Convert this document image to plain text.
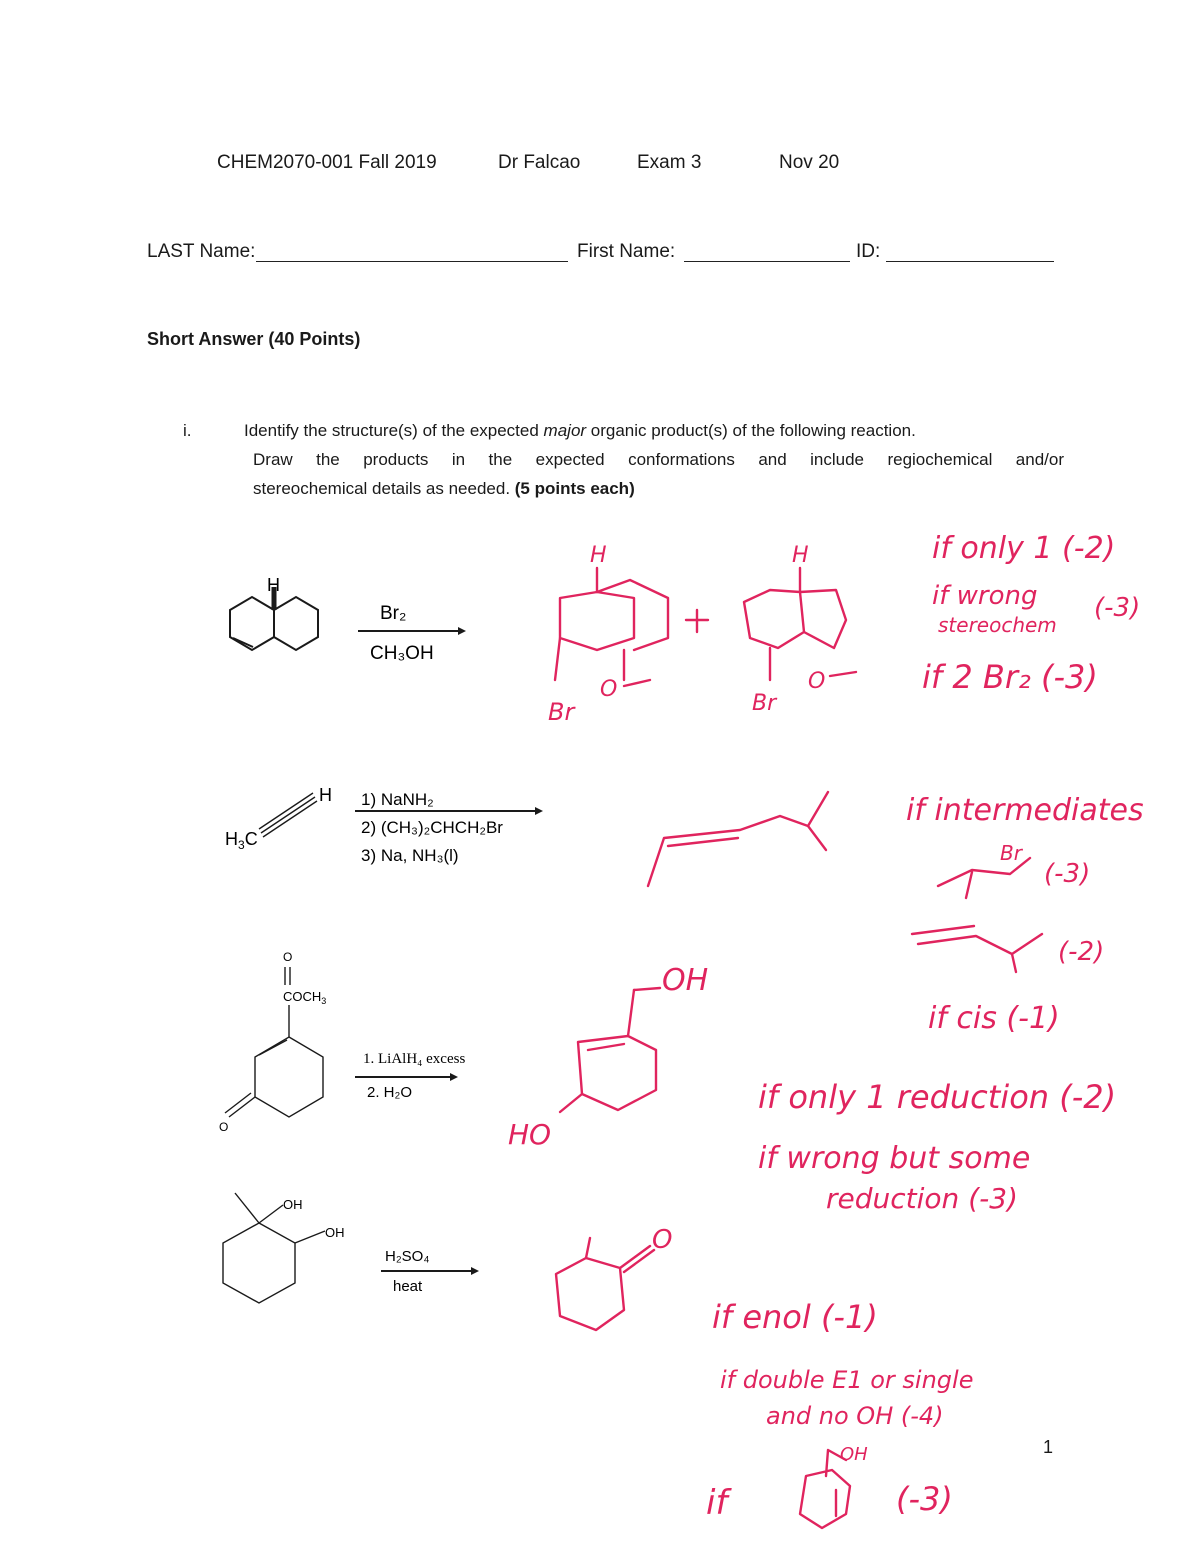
CHEM2070-001 Fall 2019	Dr Falcao	Exam 3	Nov 20
LAST Name:	First Name:	ID:
Short Answer (40 Points)
i.	Identify the structure(s) of the expected major organic product(s) of the following reaction.
Draw the products in the expected conformations and include regiochemical and/or
stereochemical details as needed. (5 points each)
1
H
Br₂
CH₃OH
$H_3C$
H 1) NaNH₂
2) (CH₃)₂CHCH₂Br
3) Na, NH₃(l)
O
$COCH_3$
O
1. LiAlH₄ excess
2. H₂O
OH
OH
H₂SO₄
heat
H
Br
O
H
Br
O
if only 1 (-2)
if wrong
stereochem
(-3)
if 2 Br₂ (-3)
if intermediates
Br
(-3)
(-2)
if cis (-1)
OH
HO
if only 1 reduction (-2)
if wrong but some
reduction (-3)
O
if enol (-1)
if double E1 or single
and no OH (-4)
if
OH
(-3)
